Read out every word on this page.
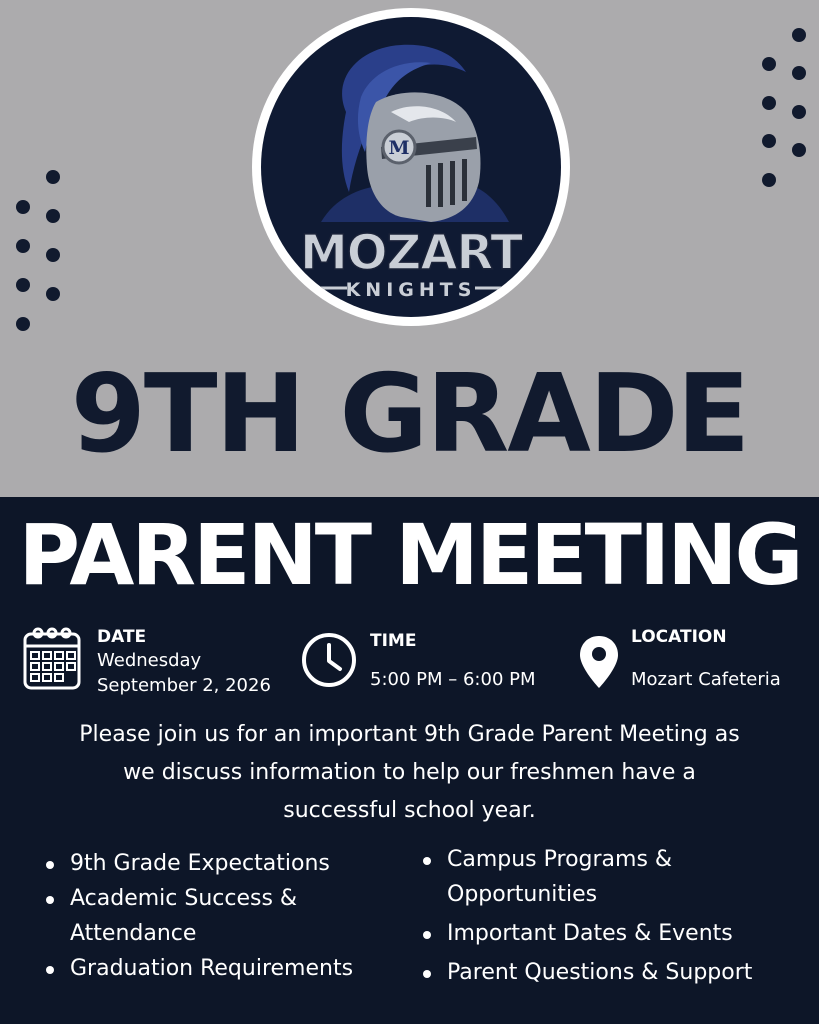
M
MOZART
KNIGHTS
9TH GRADE
PARENT MEETING
DATE
Wednesday
September 2, 2026
TIME
5:00 PM – 6:00 PM
LOCATION
Mozart Cafeteria
Please join us for an important 9th Grade Parent Meeting as
we discuss information to help our freshmen have a
successful school year.
9th Grade Expectations
Academic Success &
Attendance
Graduation Requirements
Campus Programs &
Opportunities
Important Dates & Events
Parent Questions & Support
